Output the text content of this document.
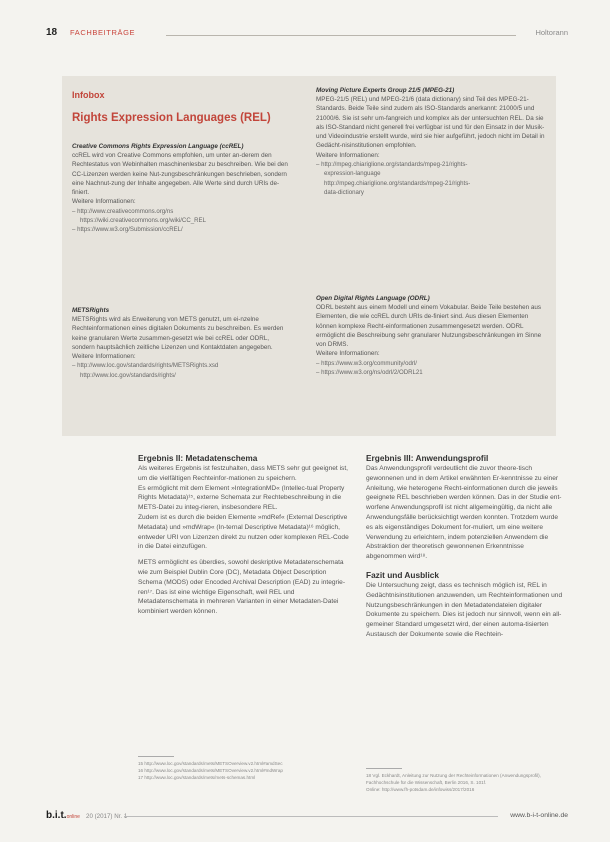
18 FACHBEITRÄGE	Holtorann
Infobox
Rights Expression Languages (REL)

Creative Commons Rights Expression Language (ccREL)

ccREL wird von Creative Commons empfohlen, um unter an-derem den Rechtestatus von Webinhalten maschinenlesbar zu beschreiben. Wie bei den CC-Lizenzen werden keine Nut-zungsbeschränkungen beschrieben, sondern eine Nachnut-zung der Inhalte angegeben. Alle Werte sind durch URIs de-finiert.

Weitere Informationen:

– http://www.creativecommons.org/ns

https://wiki.creativecommons.org/wiki/CC_REL

– https://www.w3.org/Submission/ccREL/

METSRights

METSRights wird als Erweiterung von METS genutzt, um ei-nzelne Rechteinformationen eines digitalen Dokuments zu beschreiben. Es werden keine granularen Werte zusammen-gesetzt wie bei ccREL oder ODRL, sondern hauptsächlich zeitliche Lizenzen und Kontaktdaten angegeben.

Weitere Informationen:

– http://www.loc.gov/standards/rights/METSRights.xsd

http://www.loc.gov/standards/rights/

Moving Picture Experts Group 21/5 (MPEG-21)

MPEG-21/5 (REL) und MPEG-21/6 (data dictionary) sind Teil des MPEG-21-Standards. Beide Teile sind zudem als ISO-Standards anerkannt: 21000/5 und 21000/6. Sie ist sehr um-fangreich und komplex als der untersuchten REL. Da sie als ISO-Standard nicht generell frei verfügbar ist und für den Einsatz in der Musik- und Videoindustrie erstellt wurde, wird sie hier aufgeführt, jedoch nicht im Detail in Gedächt-nisinstitutionen empfohlen.

Weitere Informationen:

– http://mpeg.chiariglione.org/standards/mpeg-21/rights-

expression-language

http://mpeg.chiariglione.org/standards/mpeg-21/rights-

data-dictionary

Open Digital Rights Language (ODRL)

ODRL besteht aus einem Modell und einem Vokabular. Beide Teile bestehen aus Elementen, die wie ccREL durch URIs de-finiert sind. Aus diesen Elementen können komplexe Recht-einformationen zusammengesetzt werden. ODRL ermöglicht die Beschreibung sehr granularer Nutzungsbeschränkungen im Sinne von DRMS.

Weitere Informationen:

– https://www.w3.org/community/odrl/

– https://www.w3.org/ns/odrl/2/ODRL21

Ergebnis II: Metadatenschema

Als weiteres Ergebnis ist festzuhalten, dass METS sehr gut geeignet ist, um die vielfältigen Rechteinfor-mationen zu speichern.

Es ermöglicht mit dem Element »IntegrationMD« (Intellec-tual Property Rights Metadata)¹⁵, externe Schemata zur Rechtebeschreibung in die METS-Datei zu integ-rieren, insbesondere REL.

Zudem ist es durch die beiden Elemente »mdRef« (External Descriptive Metadata) und »mdWrap« (In-ternal Descriptive Metadata)¹⁶ möglich, entweder URI von Lizenzen direkt zu nutzen oder komplexen REL-Code in die Datei einzufügen.

METS ermöglicht es überdies, sowohl deskriptive Metadatenschemata wie zum Beispiel Dublin Core (DC), Metadata Object Description Schema (MODS) oder Encoded Archival Description (EAD) zu integrie-ren¹⁷. Das ist eine wichtige Eigenschaft, weil REL und Metadatenschemata in mehreren Varianten in einer Metadaten-Datei kombiniert werden können.

15 http://www.loc.gov/standards/mets/METSOverview.v2.html#amdSec

16 http://www.loc.gov/standards/mets/METSOverview.v2.html#mdWrap

17 http://www.loc.gov/standards/mets/mets-schemas.html

Ergebnis III: Anwendungsprofil

Das Anwendungsprofil verdeutlicht die zuvor theore-tisch gewonnenen und in dem Artikel erwähnten Er-kenntnisse zu einer Anleitung, wie heterogene Recht-einformationen durch die jeweils geeignete REL beschrieben werden können. Das in der Studie ent-worfene Anwendungsprofil ist nicht allgemeingültig, da nicht alle Anwendungsfälle berücksichtigt werden konnten. Trotzdem wurde es als eigenständiges Dokument for-muliert, um eine weitere Verwendung zu erleichtern, indem potenziellen Anwendern die Abstraktion der theoretisch gewonnenen Erkenntnisse abgenommen wird¹⁸.

Fazit und Ausblick

Die Untersuchung zeigt, dass es technisch möglich ist, REL in Gedächtnisinstitutionen anzuwenden, um Rechteinformationen und Nutzungsbeschränkungen in den Metadatendateien digitaler Dokumente zu speichern. Dies ist jedoch nur sinnvoll, wenn ein all-gemeiner Standard umgesetzt wird, der einen automa-tisierten Austausch der Dokumente sowie die Rechtein-

18 Vgl. Eckhardt, Anleitung zur Nutzung der Rechteinformationen (Anwendungsprofil),

Fachhochschule für die Wissenschaft, Berlin 2016, S. 101f.

Online: http://www.fh-potsdam.de/infowiss/2017/2016

b.i.t.online 20 (2017) Nr. 1	www.b-i-t-online.de
